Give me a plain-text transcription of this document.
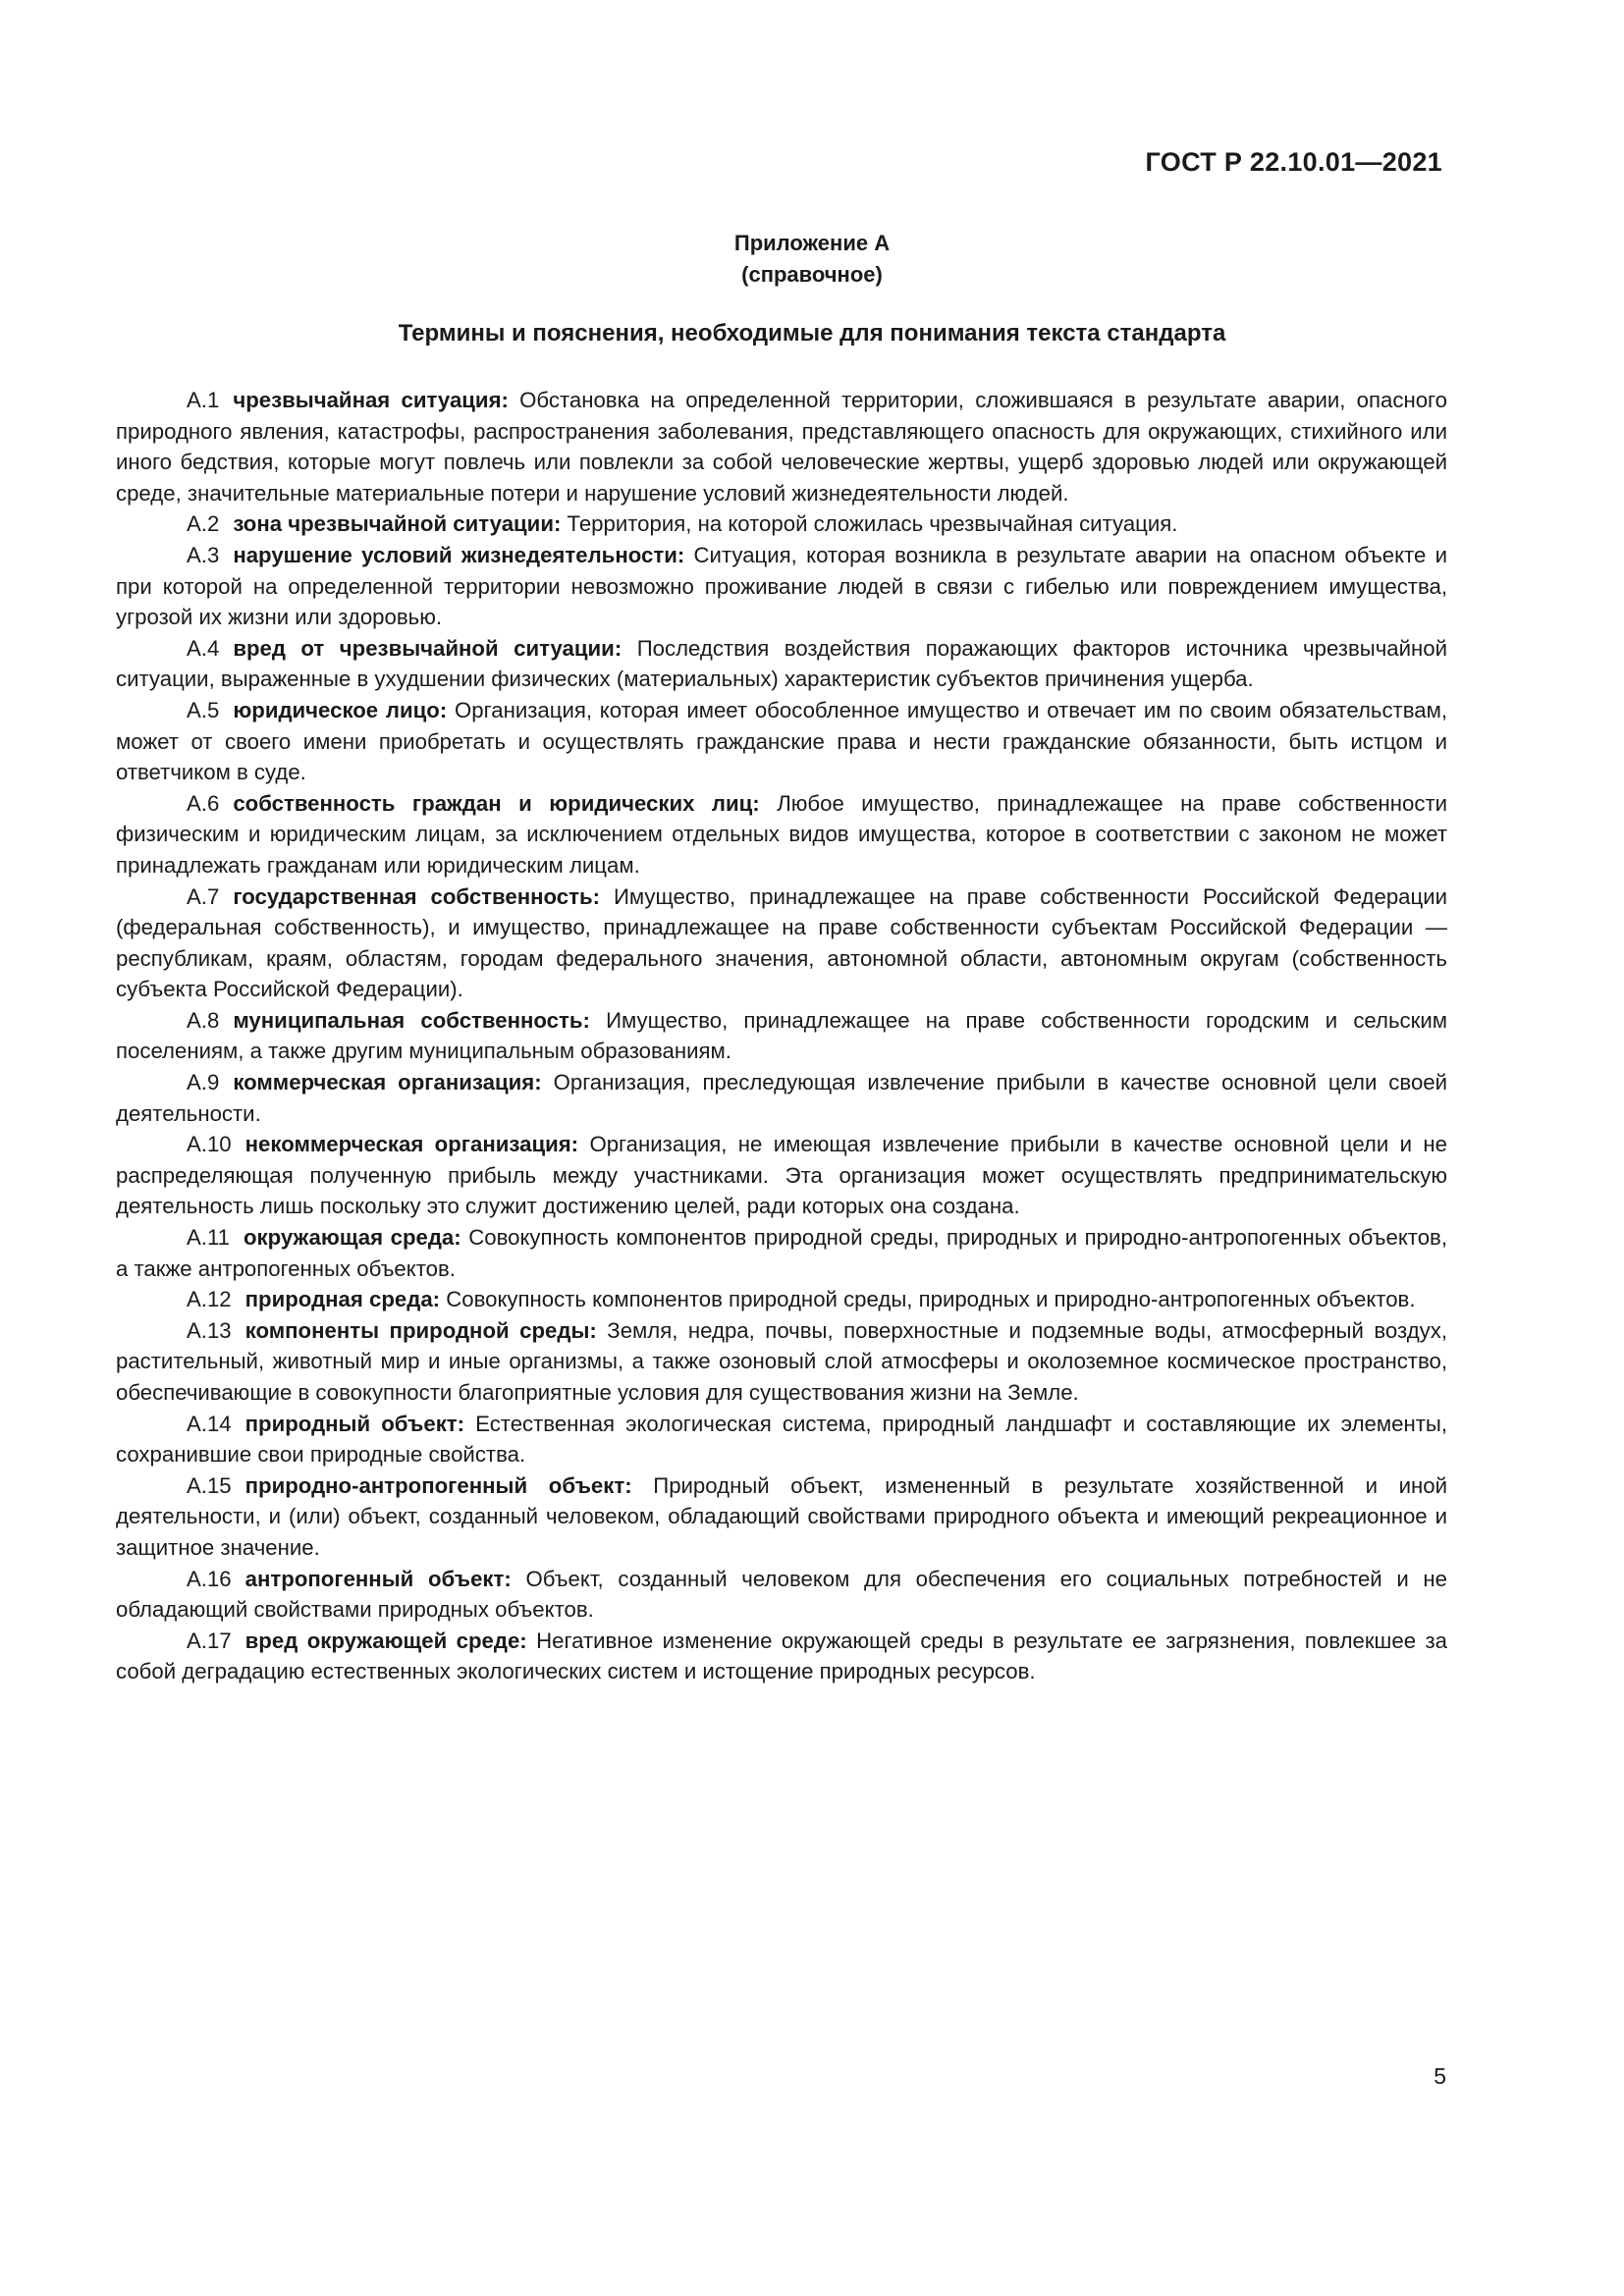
ГОСТ Р 22.10.01—2021
Приложение А
(справочное)
Термины и пояснения, необходимые для понимания текста стандарта

А.1 чрезвычайная ситуация: Обстановка на определенной территории, сложившаяся в результате аварии, опасного природного явления, катастрофы, распространения заболевания, представляющего опасность для окружающих, стихийного или иного бедствия, которые могут повлечь или повлекли за собой человеческие жертвы, ущерб здоровью людей или окружающей среде, значительные материальные потери и нарушение условий жизнедеятельности людей.

А.2 зона чрезвычайной ситуации: Территория, на которой сложилась чрезвычайная ситуация.

А.3 нарушение условий жизнедеятельности: Ситуация, которая возникла в результате аварии на опасном объекте и при которой на определенной территории невозможно проживание людей в связи с гибелью или повреждением имущества, угрозой их жизни или здоровью.

А.4 вред от чрезвычайной ситуации: Последствия воздействия поражающих факторов источника чрезвычайной ситуации, выраженные в ухудшении физических (материальных) характеристик субъектов причинения ущерба.

А.5 юридическое лицо: Организация, которая имеет обособленное имущество и отвечает им по своим обязательствам, может от своего имени приобретать и осуществлять гражданские права и нести гражданские обязанности, быть истцом и ответчиком в суде.

А.6 собственность граждан и юридических лиц: Любое имущество, принадлежащее на праве собственности физическим и юридическим лицам, за исключением отдельных видов имущества, которое в соответствии с законом не может принадлежать гражданам или юридическим лицам.

А.7 государственная собственность: Имущество, принадлежащее на праве собственности Российской Федерации (федеральная собственность), и имущество, принадлежащее на праве собственности субъектам Российской Федерации — республикам, краям, областям, городам федерального значения, автономной области, автономным округам (собственность субъекта Российской Федерации).

А.8 муниципальная собственность: Имущество, принадлежащее на праве собственности городским и сельским поселениям, а также другим муниципальным образованиям.

А.9 коммерческая организация: Организация, преследующая извлечение прибыли в качестве основной цели своей деятельности.

А.10 некоммерческая организация: Организация, не имеющая извлечение прибыли в качестве основной цели и не распределяющая полученную прибыль между участниками. Эта организация может осуществлять предпринимательскую деятельность лишь поскольку это служит достижению целей, ради которых она создана.

А.11 окружающая среда: Совокупность компонентов природной среды, природных и природно-антропогенных объектов, а также антропогенных объектов.

А.12 природная среда: Совокупность компонентов природной среды, природных и природно-антропогенных объектов.

А.13 компоненты природной среды: Земля, недра, почвы, поверхностные и подземные воды, атмосферный воздух, растительный, животный мир и иные организмы, а также озоновый слой атмосферы и околоземное космическое пространство, обеспечивающие в совокупности благоприятные условия для существования жизни на Земле.

А.14 природный объект: Естественная экологическая система, природный ландшафт и составляющие их элементы, сохранившие свои природные свойства.

А.15 природно-антропогенный объект: Природный объект, измененный в результате хозяйственной и иной деятельности, и (или) объект, созданный человеком, обладающий свойствами природного объекта и имеющий рекреационное и защитное значение.

А.16 антропогенный объект: Объект, созданный человеком для обеспечения его социальных потребностей и не обладающий свойствами природных объектов.

А.17 вред окружающей среде: Негативное изменение окружающей среды в результате ее загрязнения, повлекшее за собой деградацию естественных экологических систем и истощение природных ресурсов.

5
